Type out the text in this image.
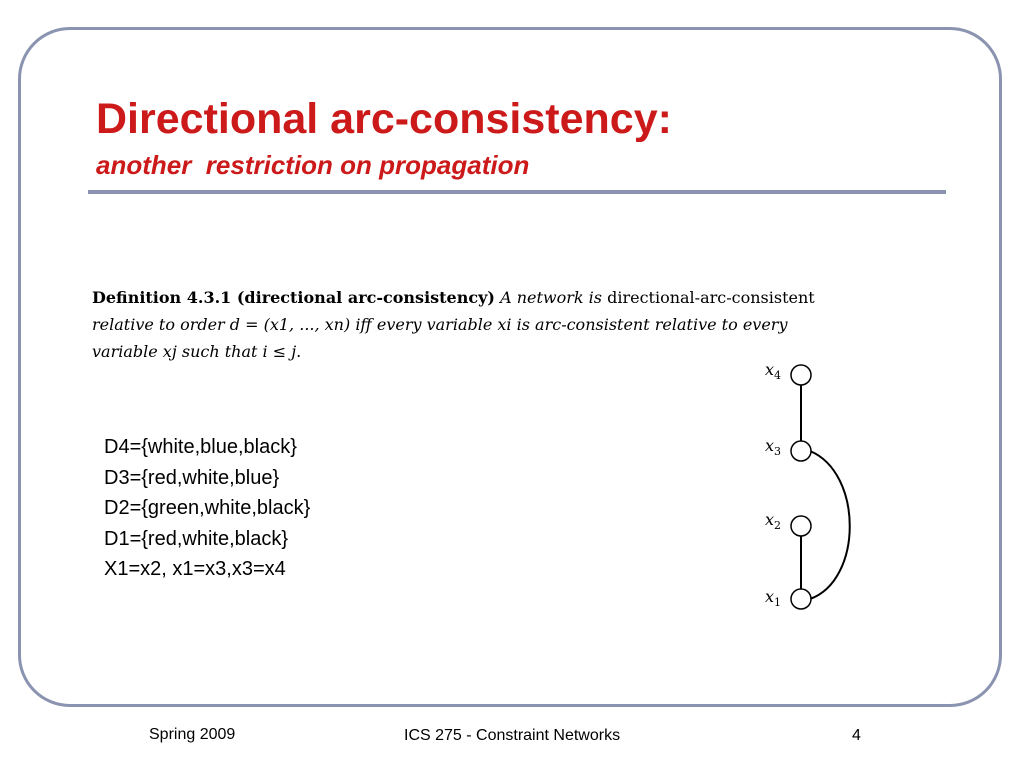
Directional arc-consistency:
another  restriction on propagation
Definition 4.3.1 (directional arc-consistency) A network is directional-arc-consistent
relative to order d = (x1, ..., xn) iff every variable xi is arc-consistent relative to every
variable xj such that i ≤ j.
D4={white,blue,black}
D3={red,white,blue}
D2={green,white,black}
D1={red,white,black}
X1=x2, x1=x3,x3=x4
$x_4$
$x_3$
$x_2$
$x_1$
Spring 2009	ICS 275 - Constraint Networks	4
